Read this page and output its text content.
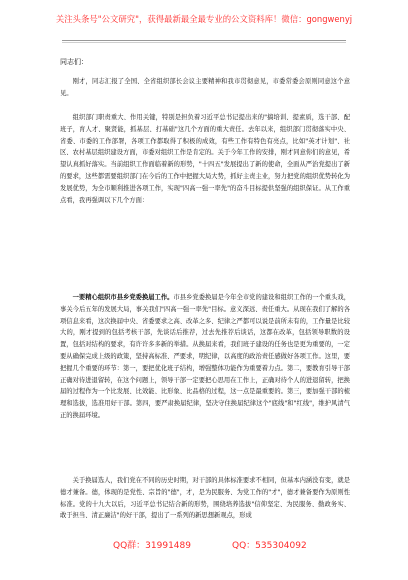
关注头条号"公文研究"，获得最新最全最专业的公文资料库！微信：gongwenyj
同志们：

刚才，同志汇报了全国、全省组织部长会议主要精神和我市贯彻意见，市委常委会原则同意这个意见。

组织部门职责重大、作用关键，特别是担负着习近平总书记提出来的"搞培训、提素质，选干部、配班子，育人才、聚贤能，抓基层、打基础"这几个方面的重大责任。去年以来，组织部门贯彻落实中央、省委、市委的工作部署，各项工作都取得了积极的成效，有些工作有特色有亮点，比如"英才计划"、社区、农村基层组织建设方面，市委对组织工作是肯定的。关于今年工作的安排，刚才同意你们的意见，希望认真抓好落实。当前组织工作面临着新的形势，"十四五"发展提出了新的使命，全面从严治党提出了新的要求，这些都需要组织部门在今后的工作中把握大局大势，抓好主责主业，努力把党的组织优势转化为发展优势，为全市顺利推进各项工作，实现"四高一强一率先"的奋斗目标提供坚强的组织保证。从工作重点看，我再强调以下几个方面：

一要精心组织市县乡党委换届工作。市县乡党委换届是今年全市党的建设和组织工作的一个重头戏，事关今后五年的发展大局，事关我们"四高一强一率先"目标。意义深远、责任重大。从现在我们了解的各项信息来看，这次换届中央、省委要求之高、改革之多、纪律之严都可以说是前所未有的，工作量是比较大的，刚才提到的包括考核干部，先谈话后推荐，过去先推荐后谈话，这都在改革，包括领导职数的设置，包括对结构的要求，有许许多多新的举措。从换届来看，我们班子建设的任务也是更为重要的，一定要从确保完成上级的政策，坚持高标准、严要求，明纪律，以高度的政治责任感做好各项工作。这里，要把握几个重要的环节：第一，要把优化班子结构，增强整体功能作为重要着力点。第二，要教育引导干部正确对待进退留转，在这个问题上，领导干部一定要把心思用在工作上，正确对待个人的进退留转，把换届的过程作为一个比发展、比效能、比形象、比品格的过程，这一点是最重要的。第三，要加强干部的梳理和选拔，选准用好干部。第四，要严肃换届纪律，坚决守住换届纪律这个"底线"和"红线"，维护风清气正的换届环境。

关于换届选人，我们党在不同的历史时期，对干部的具体标准要求不相同，但基本内涵没有变，就是德才兼备。德，体现的是党性、宗旨的"德"，才，是为民服务、为党工作的"才"，德才兼备要作为原则性标准。党的十九大以后，习近平总书记结合新的形势，围绕培养选拔"信仰坚定、为民服务、勤政务实、敢于担当、清正廉洁"的好干部，提出了一系列的新思想新观点，形成

QQ群：31991489	QQ：535304092
